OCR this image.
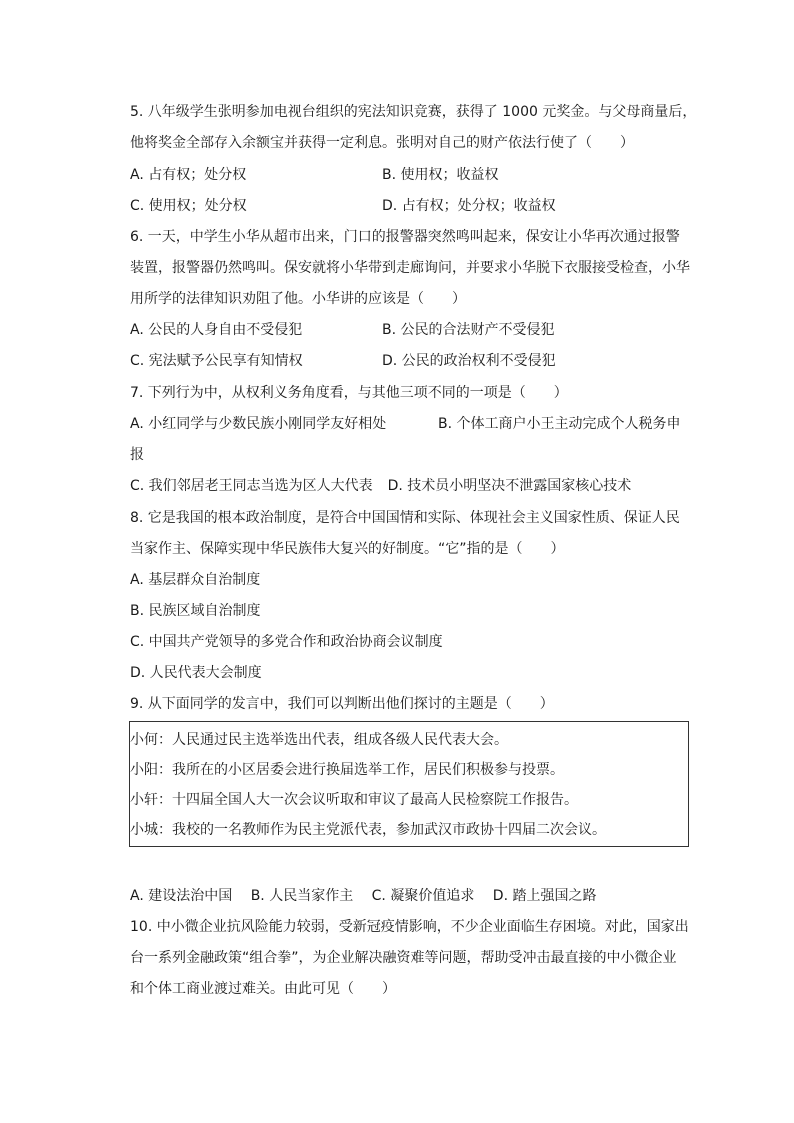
5. 八年级学生张明参加电视台组织的宪法知识竞赛，获得了 1000 元奖金。与父母商量后，
他将奖金全部存入余额宝并获得一定利息。张明对自己的财产依法行使了（　　）
A. 占有权；处分权	B. 使用权；收益权
C. 使用权；处分权	D. 占有权；处分权；收益权
6. 一天，中学生小华从超市出来，门口的报警器突然鸣叫起来，保安让小华再次通过报警
装置，报警器仍然鸣叫。保安就将小华带到走廊询问，并要求小华脱下衣服接受检查，小华
用所学的法律知识劝阻了他。小华讲的应该是（　　）
A. 公民的人身自由不受侵犯	B. 公民的合法财产不受侵犯
C. 宪法赋予公民享有知情权	D. 公民的政治权利不受侵犯
7. 下列行为中，从权利义务角度看，与其他三项不同的一项是（　　）
A. 小红同学与少数民族小刚同学友好相处	B. 个体工商户小王主动完成个人税务申
报
C. 我们邻居老王同志当选为区人大代表 D. 技术员小明坚决不泄露国家核心技术
8. 它是我国的根本政治制度，是符合中国国情和实际、体现社会主义国家性质、保证人民
当家作主、保障实现中华民族伟大复兴的好制度。“它”指的是（　　）
A. 基层群众自治制度
B. 民族区域自治制度
C. 中国共产党领导的多党合作和政治协商会议制度
D. 人民代表大会制度
9. 从下面同学的发言中，我们可以判断出他们探讨的主题是（　　）
小何：人民通过民主选举选出代表，组成各级人民代表大会。
小阳：我所在的小区居委会进行换届选举工作，居民们积极参与投票。
小轩：十四届全国人大一次会议听取和审议了最高人民检察院工作报告。
小城：我校的一名教师作为民主党派代表，参加武汉市政协十四届二次会议。
A. 建设法治中国 B. 人民当家作主 C. 凝聚价值追求 D. 踏上强国之路
10. 中小微企业抗风险能力较弱，受新冠疫情影响，不少企业面临生存困境。对此，国家出
台一系列金融政策“组合拳”，为企业解决融资难等问题，帮助受冲击最直接的中小微企业
和个体工商业渡过难关。由此可见（　　）
